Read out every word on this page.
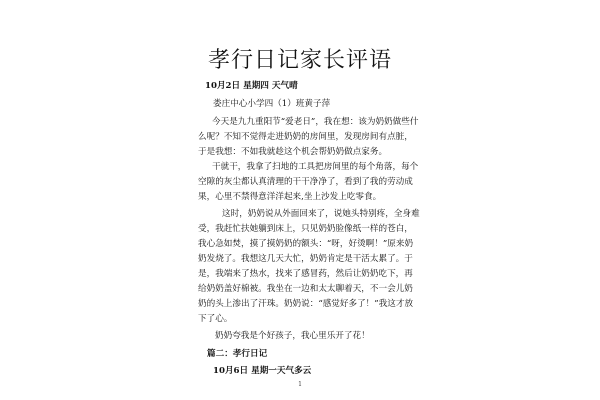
孝行日记家长评语
10月2日 星期四 天气晴
娄庄中心小学四（1）班黄子萍
今天是九九重阳节“爱老日”，我在想：该为奶奶做些什
么呢？不知不觉得走进奶奶的房间里，发现房间有点脏，
于是我想：不如我就趁这个机会帮奶奶做点家务。
干就干，我拿了扫地的工具把房间里的每个角落，每个
空隙的灰尘都认真清理的干干净净了，看到了我的劳动成
果，心里不禁得意洋洋起来,坐上沙发上吃零食。
这时，奶奶说从外面回来了，说她头特别疼，全身难
受，我赶忙扶她躺到床上，只见奶奶脸像纸一样的苍白，
我心急如焚，摸了摸奶奶的额头：“呀，好烫啊！”原来奶
奶发烧了。我想这几天大忙，奶奶肯定是干活太累了。于
是，我端来了热水，找来了感冒药，然后让奶奶吃下，再
给奶奶盖好棉被。我坐在一边和太太聊着天，不一会儿奶
奶的头上渗出了汗珠。奶奶说：“感觉好多了！”我这才放
下了心。
奶奶夸我是个好孩子，我心里乐开了花！
篇二：孝行日记
10月6日 星期一天气多云
1
